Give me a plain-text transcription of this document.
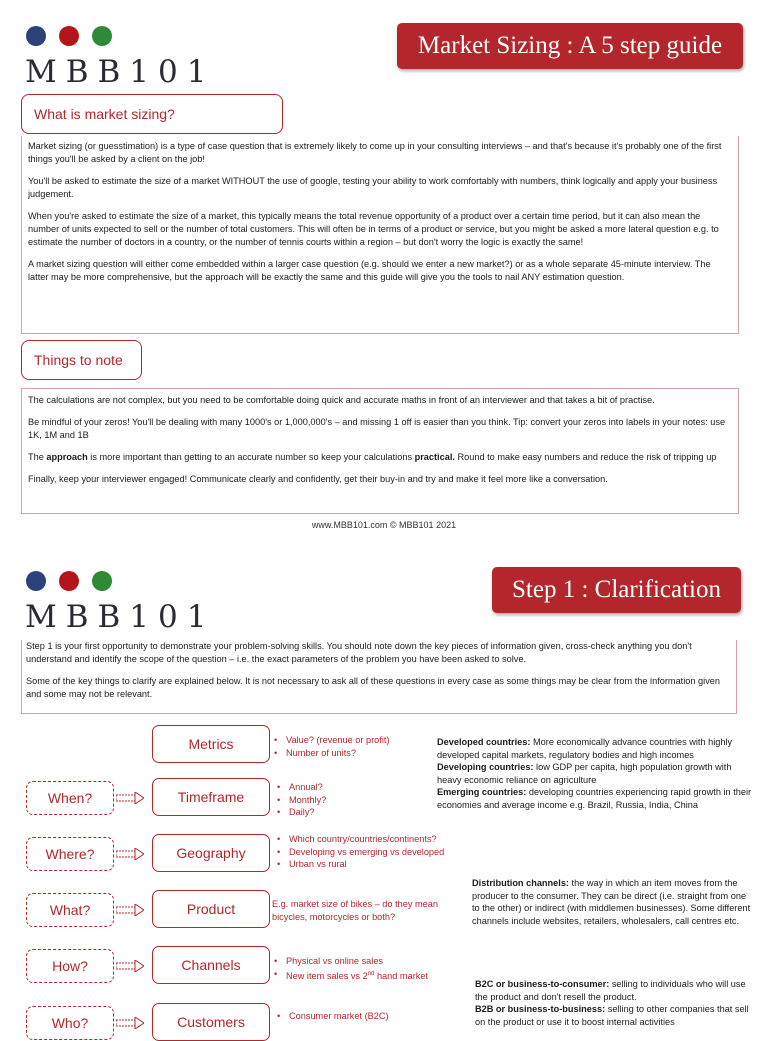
MBB101
Market Sizing : A 5 step guide
What is market sizing?

Market sizing (or guesstimation) is a type of case question that is extremely likely to come up in your consulting interviews – and that's because it's probably one of the first things you'll be asked by a client on the job!

You'll be asked to estimate the size of a market WITHOUT the use of google, testing your ability to work comfortably with numbers, think logically and apply your business judgement.

When you're asked to estimate the size of a market, this typically means the total revenue opportunity of a product over a certain time period, but it can also mean the number of units expected to sell or the number of total customers. This will often be in terms of a product or service, but you might be asked a more lateral question e.g. to estimate the number of doctors in a country, or the number of tennis courts within a region – but don't worry the logic is exactly the same!

A market sizing question will either come embedded within a larger case question (e.g. should we enter a new market?) or as a whole separate 45-minute interview. The latter may be more comprehensive, but the approach will be exactly the same and this guide will give you the tools to nail ANY estimation question.

Things to note

The calculations are not complex, but you need to be comfortable doing quick and accurate maths in front of an interviewer and that takes a bit of practise.

Be mindful of your zeros! You'll be dealing with many 1000's or 1,000,000's – and missing 1 off is easier than you think. Tip: convert your zeros into labels in your notes: use 1K, 1M and 1B

The approach is more important than getting to an accurate number so keep your calculations practical. Round to make easy numbers and reduce the risk of tripping up

Finally, keep your interviewer engaged! Communicate clearly and confidently, get their buy-in and try and make it feel more like a conversation.

www.MBB101.com © MBB101 2021
MBB101
Step 1 : Clarification

Step 1 is your first opportunity to demonstrate your problem-solving skills. You should note down the key pieces of information given, cross-check anything you don't understand and identify the scope of the question – i.e. the exact parameters of the problem you have been asked to solve.

Some of the key things to clarify are explained below. It is not necessary to ask all of these questions in every case as some things may be clear from the information given and some may not be relevant.

Metrics
Timeframe
Geography
Product
Channels
Customers
When?
Where?
What?
How?
Who?
• Value? (revenue or profit)
• Number of units?
• Annual?
• Monthly?
• Daily?
• Which country/countries/continents?
• Developing vs emerging vs developed
• Urban vs rural
E.g. market size of bikes – do they mean bicycles, motorcycles or both?
• Physical vs online sales
• New item sales vs 2nd hand market
• Consumer market (B2C)
Developed countries: More economically advance countries with highly developed capital markets, regulatory bodies and high incomes
Developing countries: low GDP per capita, high population growth with heavy economic reliance on agriculture
Emerging countries: developing countries experiencing rapid growth in their economies and average income e.g. Brazil, Russia, India, China
Distribution channels: the way in which an item moves from the producer to the consumer. They can be direct (i.e. straight from one to the other) or indirect (with middlemen businesses). Some different channels include websites, retailers, wholesalers, call centres etc.
B2C or business-to-consumer: selling to individuals who will use the product and don't resell the product.
B2B or business-to-business: selling to other companies that sell on the product or use it to boost internal activities
